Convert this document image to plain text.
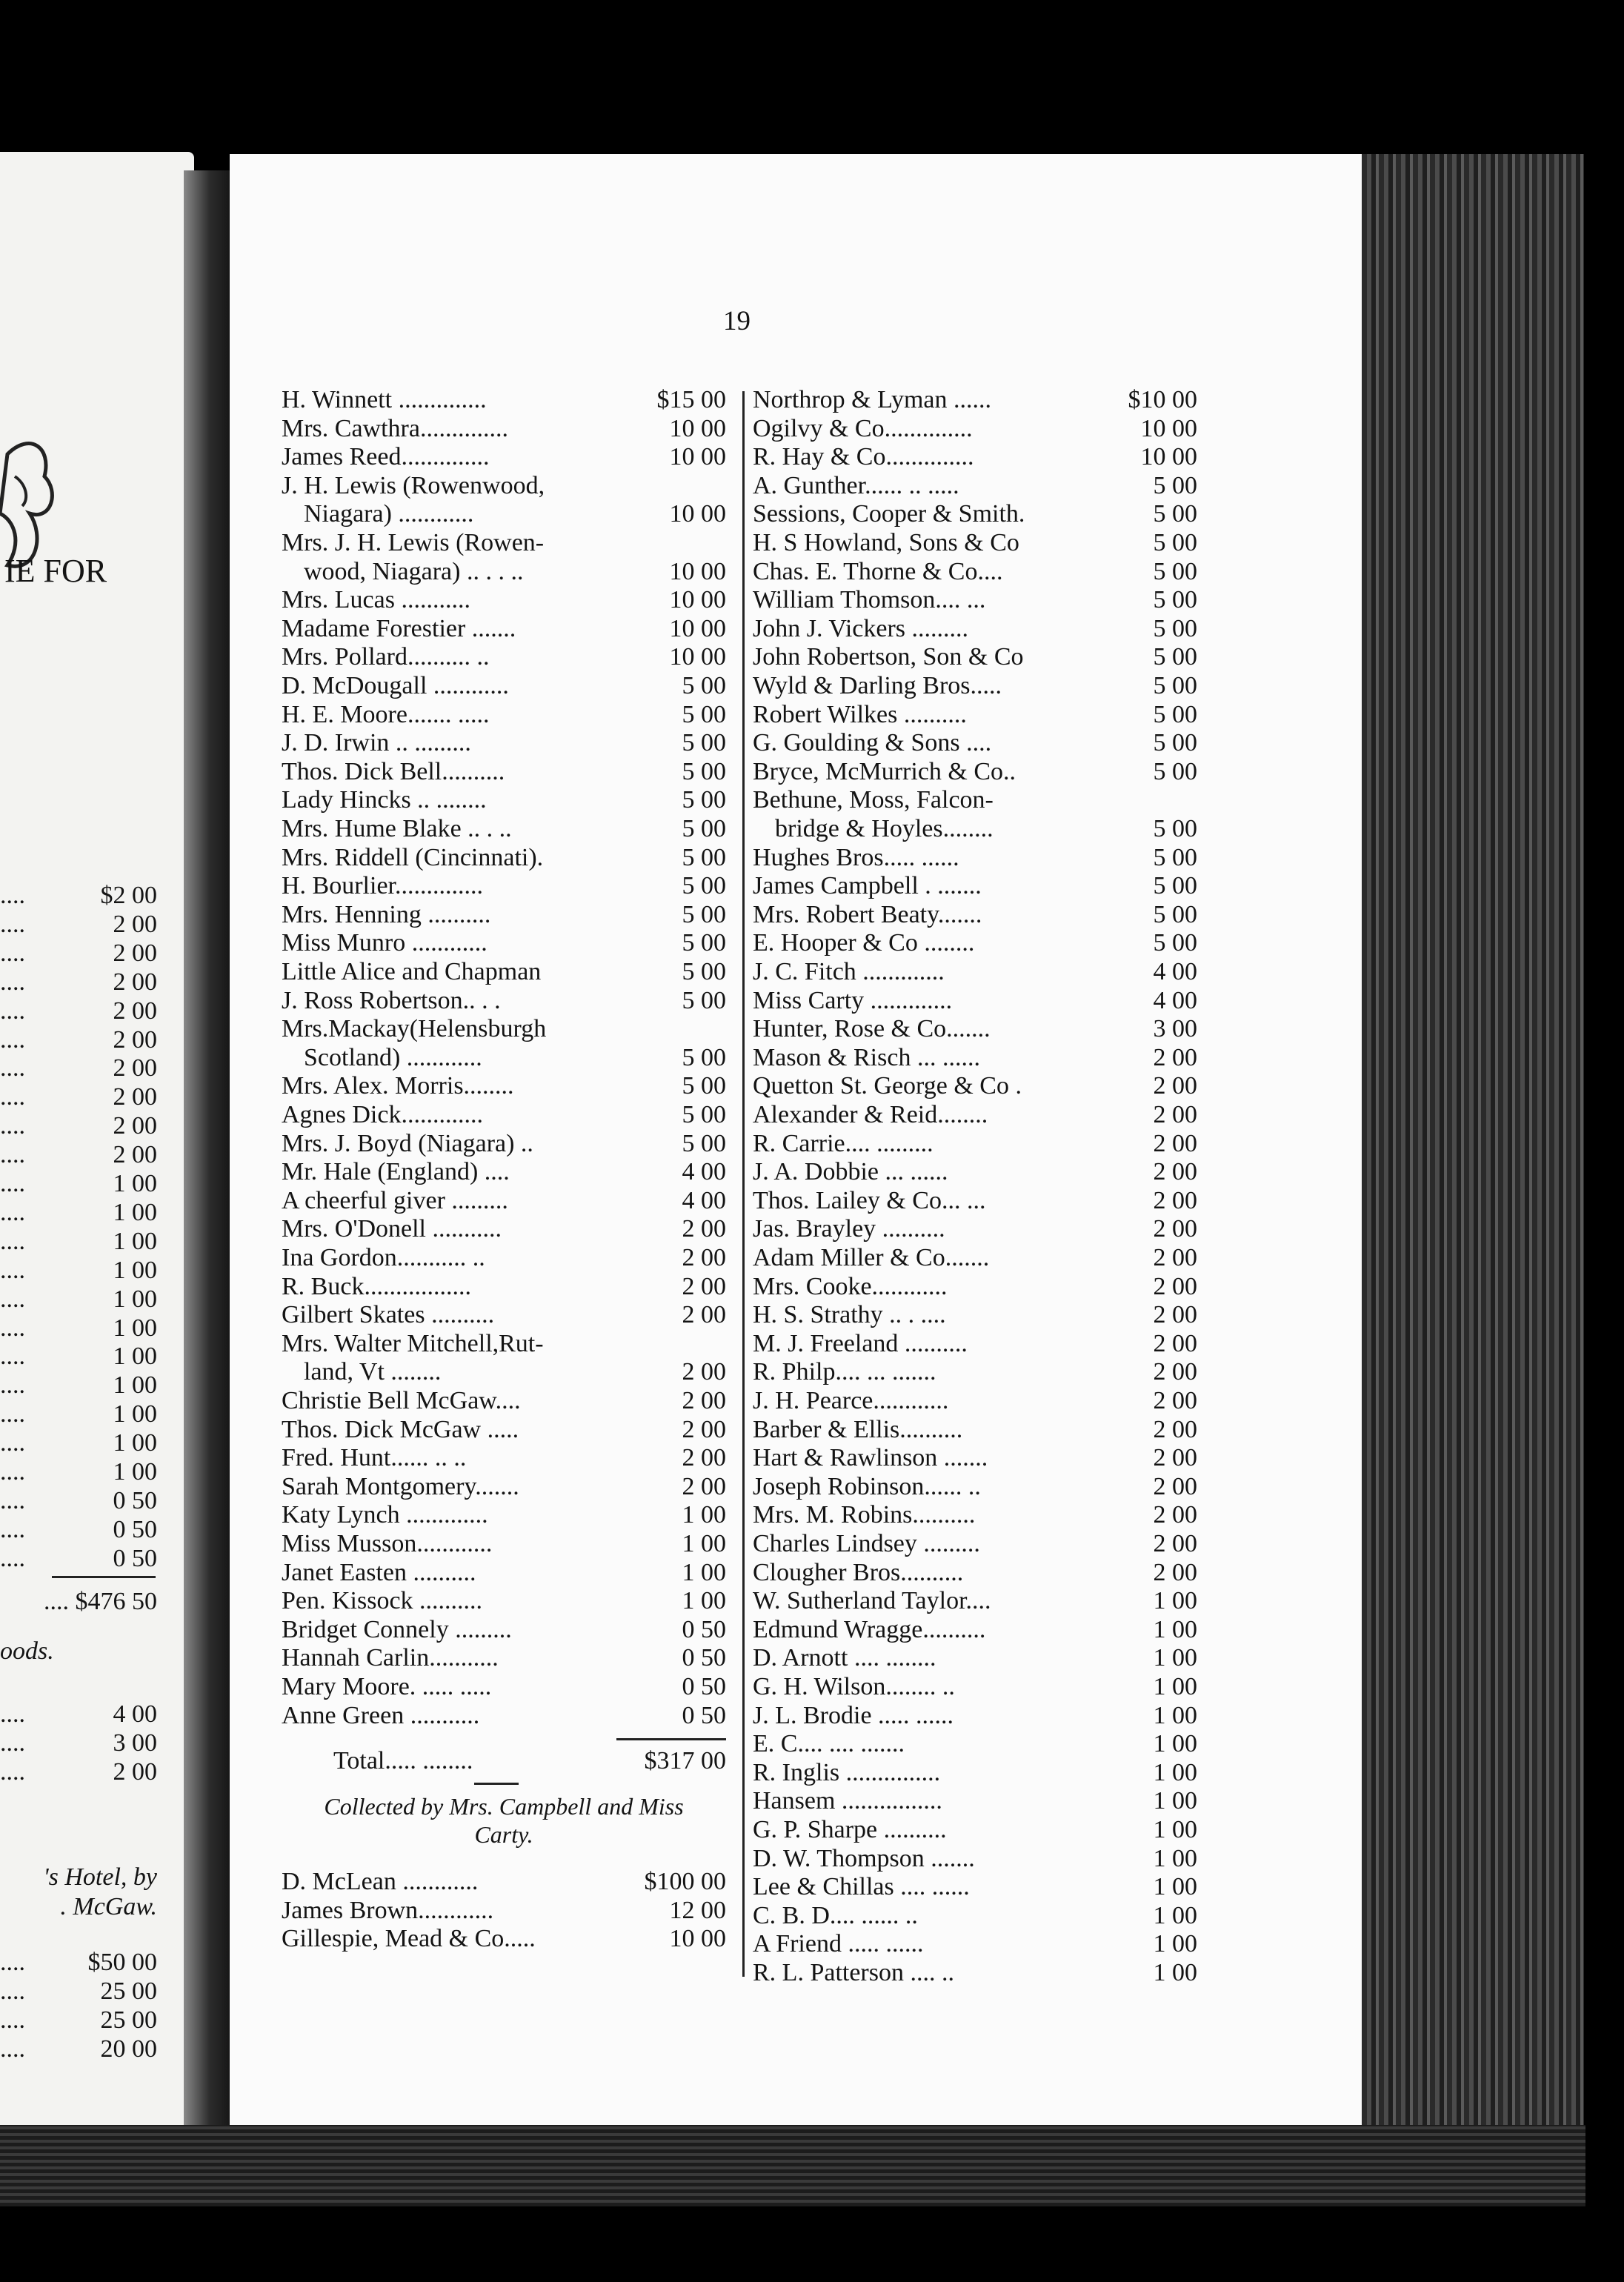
IE FOR
....	$2 00
....	2 00
....	2 00
....	2 00
....	2 00
....	2 00
....	2 00
....	2 00
....	2 00
....	2 00
....	1 00
....	1 00
....	1 00
....	1 00
....	1 00
....	1 00
....	1 00
....	1 00
....	1 00
....	1 00
....	1 00
....	0 50
....	0 50
....	0 50
.... $476 50
oods.
....	4 00
....	3 00
....	2 00
's Hotel, by
. McGaw.
.... $50 00
....	25 00
....	25 00
....	20 00
19
H. Winnett ..............	$15 00
Mrs. Cawthra..............	10 00
James Reed..............	10 00
J. H. Lewis (Rowenwood,
Niagara) ............	10 00
Mrs. J. H. Lewis (Rowen-
wood, Niagara) .. . . ..	10 00
Mrs. Lucas ...........	10 00
Madame Forestier .......	10 00
Mrs. Pollard.......... ..	10 00
D. McDougall ............	5 00
H. E. Moore....... .....	5 00
J. D. Irwin .. .........	5 00
Thos. Dick Bell..........	5 00
Lady Hincks .. ........	5 00
Mrs. Hume Blake .. . ..	5 00
Mrs. Riddell (Cincinnati).	5 00
H. Bourlier..............	5 00
Mrs. Henning ..........	5 00
Miss Munro ............	5 00
Little Alice and Chapman	5 00
J. Ross Robertson.. . .	5 00
Mrs.Mackay(Helensburgh
Scotland) ............	5 00
Mrs. Alex. Morris........	5 00
Agnes Dick.............	5 00
Mrs. J. Boyd (Niagara) ..	5 00
Mr. Hale (England) ....	4 00
A cheerful giver .........	4 00
Mrs. O'Donell ...........	2 00
Ina Gordon........... ..	2 00
R. Buck.................	2 00
Gilbert Skates ..........	2 00
Mrs. Walter Mitchell,Rut-
land, Vt ........	2 00
Christie Bell McGaw....	2 00
Thos. Dick McGaw .....	2 00
Fred. Hunt...... .. ..	2 00
Sarah Montgomery.......	2 00
Katy Lynch .............	1 00
Miss Musson............	1 00
Janet Easten ..........	1 00
Pen. Kissock ..........	1 00
Bridget Connely .........	0 50
Hannah Carlin...........	0 50
Mary Moore. ..... .....	0 50
Anne Green ...........	0 50
Total..... ........	$317 00
Collected by Mrs. Campbell and Miss
Carty.
D. McLean ............	$100 00
James Brown............	12 00
Gillespie, Mead & Co.....	10 00
Northrop & Lyman ......	$10 00
Ogilvy & Co..............	10 00
R. Hay & Co..............	10 00
A. Gunther...... .. .....	5 00
Sessions, Cooper & Smith.	5 00
H. S Howland, Sons & Co	5 00
Chas. E. Thorne & Co....	5 00
William Thomson.... ...	5 00
John J. Vickers .........	5 00
John Robertson, Son & Co	5 00
Wyld & Darling Bros.....	5 00
Robert Wilkes ..........	5 00
G. Goulding & Sons ....	5 00
Bryce, McMurrich & Co..	5 00
Bethune, Moss, Falcon-
bridge & Hoyles........	5 00
Hughes Bros..... ......	5 00
James Campbell . .......	5 00
Mrs. Robert Beaty.......	5 00
E. Hooper & Co ........	5 00
J. C. Fitch .............	4 00
Miss Carty .............	4 00
Hunter, Rose & Co.......	3 00
Mason & Risch ... ......	2 00
Quetton St. George & Co .	2 00
Alexander & Reid........	2 00
R. Carrie.... .........	2 00
J. A. Dobbie ... ......	2 00
Thos. Lailey & Co... ...	2 00
Jas. Brayley ..........	2 00
Adam Miller & Co.......	2 00
Mrs. Cooke............	2 00
H. S. Strathy .. . ....	2 00
M. J. Freeland ..........	2 00
R. Philp.... ... .......	2 00
J. H. Pearce............	2 00
Barber & Ellis..........	2 00
Hart & Rawlinson .......	2 00
Joseph Robinson...... ..	2 00
Mrs. M. Robins..........	2 00
Charles Lindsey .........	2 00
Clougher Bros..........	2 00
W. Sutherland Taylor....	1 00
Edmund Wragge..........	1 00
D. Arnott .... ........	1 00
G. H. Wilson........ ..	1 00
J. L. Brodie ..... ......	1 00
E. C.... .... .......	1 00
R. Inglis ...............	1 00
Hansem ................	1 00
G. P. Sharpe ..........	1 00
D. W. Thompson .......	1 00
Lee & Chillas .... ......	1 00
C. B. D.... ...... ..	1 00
A Friend ..... ......	1 00
R. L. Patterson .... ..	1 00
